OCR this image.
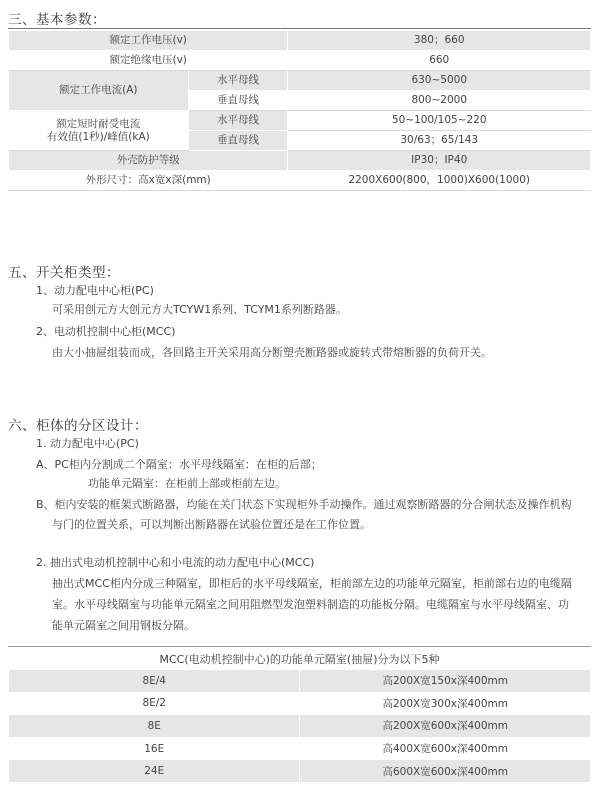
三、基本参数：
额定工作电压(v)		380；660
额定绝缘电压(v)		660
额定工作电流(A)	水平母线	630~5000
	垂直母线	800~2000

额定短时耐受电流
有效值(1秒)/峰值(kA)	水平母线	50~100/105~220
	垂直母线	30/63；65/143
外壳防护等级		IP30；IP40
外形尺寸：高x宽x深(mm)		2200X600(800，1000)X600(1000)
五、开关柜类型：
1、动力配电中心柜(PC)
可采用创元方大创元方大TCYW1系列、TCYM1系列断路器。
2、电动机控制中心柜(MCC)
由大小抽屉组装而成，各回路主开关采用高分断塑壳断路器或旋转式带熔断器的负荷开关。
六、柜体的分区设计：
1. 动力配电中心(PC)
A、PC柜内分割成二个隔室：水平母线隔室：在柜的后部；
功能单元隔室：在柜前上部或柜前左边。
B、柜内安装的框架式断路器，均能在关门状态下实现柜外手动操作。通过观察断路器的分合闸状态及操作机构
与门的位置关系，可以判断出断路器在试验位置还是在工作位置。
2. 抽出式电动机控制中心和小电流的动力配电中心(MCC)
抽出式MCC柜内分成三种隔室，即柜后的水平母线隔室，柜前部左边的功能单元隔室，柜前部右边的电缆隔
室。水平母线隔室与功能单元隔室之间用阻燃型发泡塑料制造的功能板分隔。电缆隔室与水平母线隔室、功
能单元隔室之间用钢板分隔。
MCC(电动机控制中心)的功能单元隔室(抽屉)分为以下5种
8E/4	高200X宽150x深400mm
8E/2	高200X宽300x深400mm
8E	高200X宽600x深400mm
16E	高400X宽600x深400mm
24E	高600X宽600x深400mm
